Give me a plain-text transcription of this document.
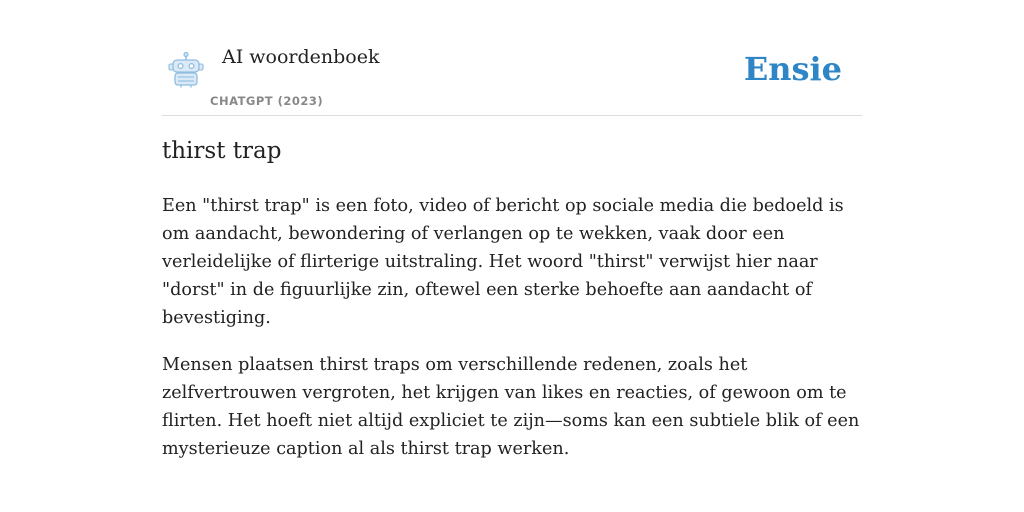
AI woordenboek
CHATGPT (2023)
Ensie
thirst trap

Een "thirst trap" is een foto, video of bericht op sociale media die bedoeld is om aandacht, bewondering of verlangen op te wekken, vaak door een verleidelijke of flirterige uitstraling. Het woord "thirst" verwijst hier naar "dorst" in de figuurlijke zin, oftewel een sterke behoefte aan aandacht of bevestiging.

Mensen plaatsen thirst traps om verschillende redenen, zoals het zelfvertrouwen vergroten, het krijgen van likes en reacties, of gewoon om te flirten. Het hoeft niet altijd expliciet te zijn—soms kan een subtiele blik of een mysterieuze caption al als thirst trap werken.
